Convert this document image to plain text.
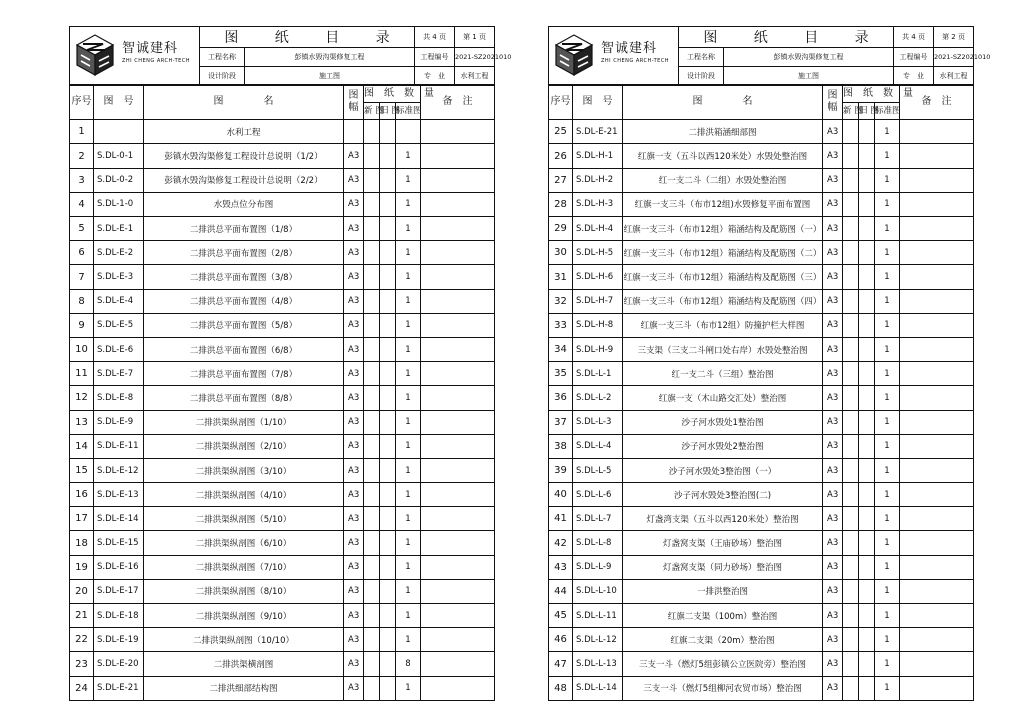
智诚建科
ZHI CHENG ARCH-TECH	图 纸 目 录		共 4 页	第 1 页
	工程名称	彭镇水毁沟渠修复工程	工程编号	2021-SZ2021010
	设计阶段	施工图	专　业	水利工程
序号	图　号	图　　　　名	图幅	图　纸　数　量			备　注
				新 图	旧 图	标准图	
1		水利工程					
2	S.DL-0-1	彭镇水毁沟渠修复工程设计总说明（1/2）	A3			1	
3	S.DL-0-2	彭镇水毁沟渠修复工程设计总说明（2/2）	A3			1	
4	S.DL-1-0	水毁点位分布图	A3			1	
5	S.DL-E-1	二排洪总平面布置图（1/8）	A3			1	
6	S.DL-E-2	二排洪总平面布置图（2/8）	A3			1	
7	S.DL-E-3	二排洪总平面布置图（3/8）	A3			1	
8	S.DL-E-4	二排洪总平面布置图（4/8）	A3			1	
9	S.DL-E-5	二排洪总平面布置图（5/8）	A3			1	
10	S.DL-E-6	二排洪总平面布置图（6/8）	A3			1	
11	S.DL-E-7	二排洪总平面布置图（7/8）	A3			1	
12	S.DL-E-8	二排洪总平面布置图（8/8）	A3			1	
13	S.DL-E-9	二排洪渠纵剖图（1/10）	A3			1	
14	S.DL-E-11	二排洪渠纵剖图（2/10）	A3			1	
15	S.DL-E-12	二排洪渠纵剖图（3/10）	A3			1	
16	S.DL-E-13	二排洪渠纵剖图（4/10）	A3			1	
17	S.DL-E-14	二排洪渠纵剖图（5/10）	A3			1	
18	S.DL-E-15	二排洪渠纵剖图（6/10）	A3			1	
19	S.DL-E-16	二排洪渠纵剖图（7/10）	A3			1	
20	S.DL-E-17	二排洪渠纵剖图（8/10）	A3			1	
21	S.DL-E-18	二排洪渠纵剖图（9/10）	A3			1	
22	S.DL-E-19	二排洪渠纵剖图（10/10）	A3			1	
23	S.DL-E-20	二排洪渠横剖图	A3			8	
24	S.DL-E-21	二排洪细部结构图	A3			1	
智诚建科
ZHI CHENG ARCH-TECH	图 纸 目 录		共 4 页	第 2 页
	工程名称	彭镇水毁沟渠修复工程	工程编号	2021-SZ2021010
	设计阶段	施工图	专　业	水利工程
序号	图　号	图　　　　名	图幅	图　纸　数　量			备　注
				新 图	旧 图	标准图	
25	S.DL-E-21	二排洪箱涵细部图	A3			1	
26	S.DL-H-1	红旗一支（五斗以西120米处）水毁处整治图	A3			1	
27	S.DL-H-2	红一支二斗（二组）水毁处整治图	A3			1	
28	S.DL-H-3	红旗一支三斗（布市12组)水毁修复平面布置图	A3			1	
29	S.DL-H-4	红旗一支三斗（布市12组）箱涵结构及配筋图（一）	A3			1	
30	S.DL-H-5	红旗一支三斗（布市12组）箱涵结构及配筋图（二）	A3			1	
31	S.DL-H-6	红旗一支三斗（布市12组）箱涵结构及配筋图（三）	A3			1	
32	S.DL-H-7	红旗一支三斗（布市12组）箱涵结构及配筋图（四）	A3			1	
33	S.DL-H-8	红旗一支三斗（布市12组）防撞护栏大样图	A3			1	
34	S.DL-H-9	三支渠（三支二斗闸口处右岸）水毁处整治图	A3			1	
35	S.DL-L-1	红一支二斗（三组）整治图	A3			1	
36	S.DL-L-2	红旗一支（木山路交汇处）整治图	A3			1	
37	S.DL-L-3	沙子河水毁处1整治图	A3			1	
38	S.DL-L-4	沙子河水毁处2整治图	A3			1	
39	S.DL-L-5	沙子河水毁处3整治图（一）	A3			1	
40	S.DL-L-6	沙子河水毁处3整治图(二)	A3			1	
41	S.DL-L-7	灯盏湾支渠（五斗以西120米处）整治图	A3			1	
42	S.DL-L-8	灯盏窝支渠（王庙砂场）整治图	A3			1	
43	S.DL-L-9	灯盏窝支渠（同力砂场）整治图	A3			1	
44	S.DL-L-10	一排洪整治图	A3			1	
45	S.DL-L-11	红旗二支渠（100m）整治图	A3			1	
46	S.DL-L-12	红旗二支渠（20m）整治图	A3			1	
47	S.DL-L-13	三支一斗（燃灯5组彭镇公立医院旁）整治图	A3			1	
48	S.DL-L-14	三支一斗（燃灯5组柳河农贸市场）整治图	A3			1	
